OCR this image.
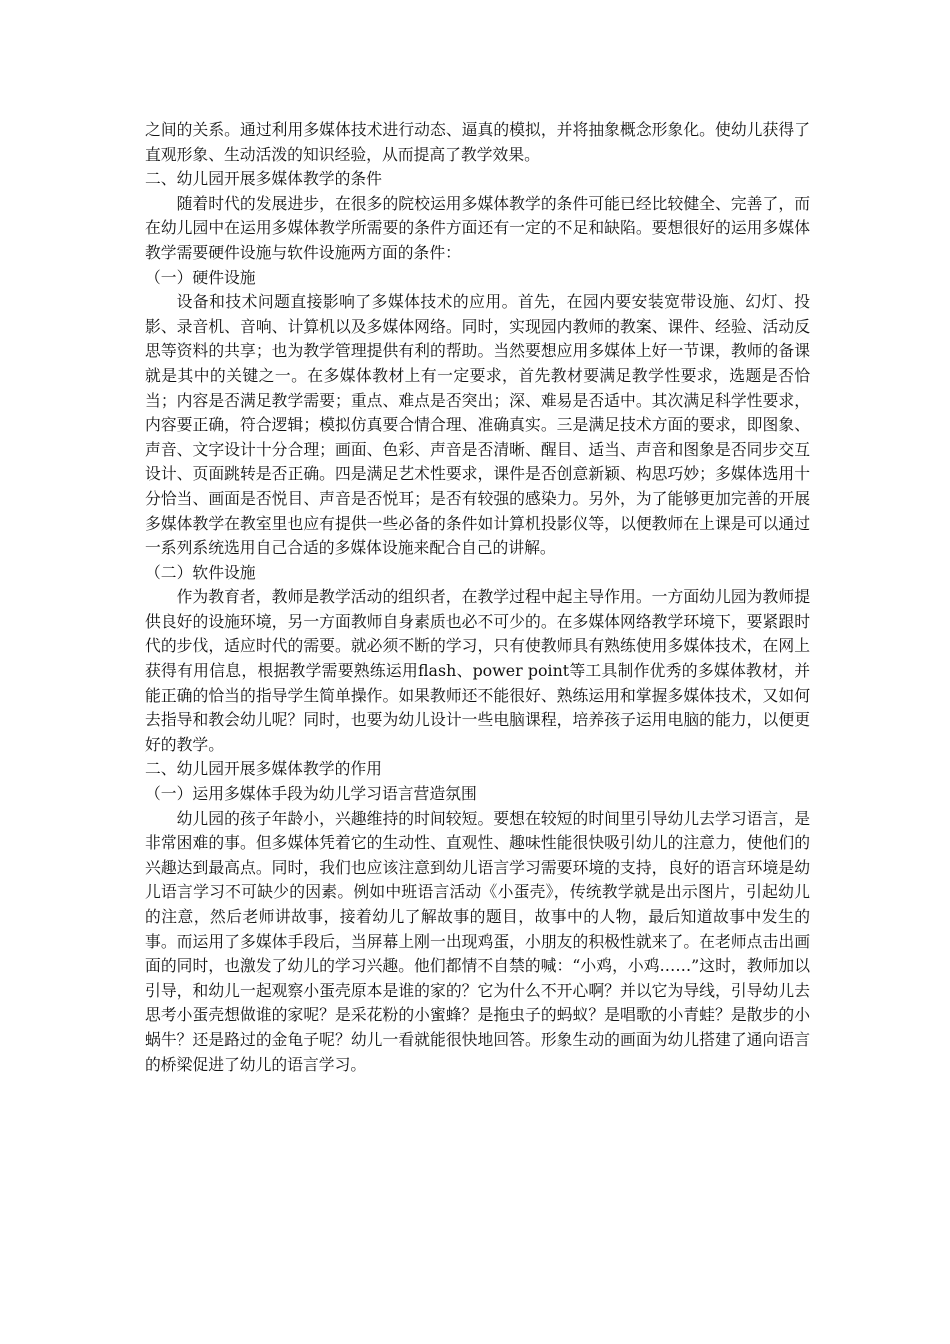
之间的关系。通过利用多媒体技术进行动态、逼真的模拟，并将抽象概念形象化。使幼儿获得了直观形象、生动活泼的知识经验，从而提高了教学效果。

二、幼儿园开展多媒体教学的条件

随着时代的发展进步，在很多的院校运用多媒体教学的条件可能已经比较健全、完善了，而在幼儿园中在运用多媒体教学所需要的条件方面还有一定的不足和缺陷。要想很好的运用多媒体教学需要硬件设施与软件设施两方面的条件：

（一）硬件设施

设备和技术问题直接影响了多媒体技术的应用。首先，在园内要安装宽带设施、幻灯、投影、录音机、音响、计算机以及多媒体网络。同时，实现园内教师的教案、课件、经验、活动反思等资料的共享；也为教学管理提供有利的帮助。当然要想应用多媒体上好一节课，教师的备课就是其中的关键之一。在多媒体教材上有一定要求，首先教材要满足教学性要求，选题是否恰当；内容是否满足教学需要；重点、难点是否突出；深、难易是否适中。其次满足科学性要求，内容要正确，符合逻辑；模拟仿真要合情合理、准确真实。三是满足技术方面的要求，即图象、声音、文字设计十分合理；画面、色彩、声音是否清晰、醒目、适当、声音和图象是否同步交互设计、页面跳转是否正确。四是满足艺术性要求，课件是否创意新颖、构思巧妙；多媒体选用十分恰当、画面是否悦目、声音是否悦耳；是否有较强的感染力。另外，为了能够更加完善的开展多媒体教学在教室里也应有提供一些必备的条件如计算机投影仪等，以便教师在上课是可以通过一系列系统选用自己合适的多媒体设施来配合自己的讲解。

（二）软件设施

作为教育者，教师是教学活动的组织者，在教学过程中起主导作用。一方面幼儿园为教师提供良好的设施环境，另一方面教师自身素质也必不可少的。在多媒体网络教学环境下，要紧跟时代的步伐，适应时代的需要。就必须不断的学习，只有使教师具有熟练使用多媒体技术，在网上获得有用信息，根据教学需要熟练运用flash、power point等工具制作优秀的多媒体教材，并能正确的恰当的指导学生简单操作。如果教师还不能很好、熟练运用和掌握多媒体技术，又如何去指导和教会幼儿呢？同时，也要为幼儿设计一些电脑课程，培养孩子运用电脑的能力，以便更好的教学。

二、幼儿园开展多媒体教学的作用

（一）运用多媒体手段为幼儿学习语言营造氛围

幼儿园的孩子年龄小，兴趣维持的时间较短。要想在较短的时间里引导幼儿去学习语言，是非常困难的事。但多媒体凭着它的生动性、直观性、趣味性能很快吸引幼儿的注意力，使他们的兴趣达到最高点。同时，我们也应该注意到幼儿语言学习需要环境的支持，良好的语言环境是幼儿语言学习不可缺少的因素。例如中班语言活动《小蛋壳》，传统教学就是出示图片，引起幼儿的注意，然后老师讲故事，接着幼儿了解故事的题目，故事中的人物，最后知道故事中发生的事。而运用了多媒体手段后，当屏幕上刚一出现鸡蛋，小朋友的积极性就来了。在老师点击出画面的同时，也激发了幼儿的学习兴趣。他们都情不自禁的喊：“小鸡，小鸡……”这时，教师加以引导，和幼儿一起观察小蛋壳原本是谁的家的？它为什么不开心啊？并以它为导线，引导幼儿去思考小蛋壳想做谁的家呢？是采花粉的小蜜蜂？是拖虫子的蚂蚁？是唱歌的小青蛙？是散步的小蜗牛？还是路过的金龟子呢？幼儿一看就能很快地回答。形象生动的画面为幼儿搭建了通向语言的桥梁促进了幼儿的语言学习。
